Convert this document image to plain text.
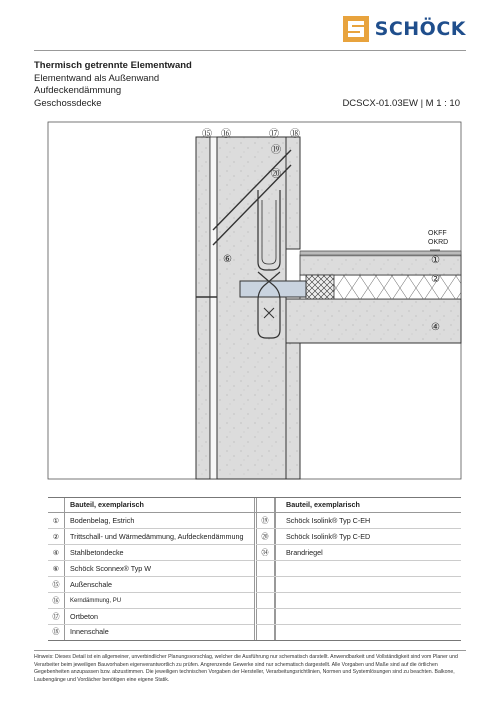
SCHÖCK
Thermisch getrennte Elementwand
Elementwand als Außenwand
Aufdeckendämmung
Geschossdecke	DCSCX-01.03EW | M 1 : 10
⑮ ⑯	⑰ ⑱
⑲
⑳
⑥
OKFF
OKRD
①
②
④
Bauteil, exemplarisch	Bauteil, exemplarisch
①	Bodenbelag, Estrich
②	Trittschall- und Wärmedämmung, Aufdeckendämmung
④	Stahlbetondecke
⑥	Schöck Sconnex® Typ W
⑮	Außenschale
⑯	Kerndämmung, PU
⑰	Ortbeton
⑱	Innenschale
⑲	Schöck Isolink® Typ C-EH
⑳	Schöck Isolink® Typ C-ED
㉞	Brandriegel
Hinweis: Dieses Detail ist ein allgemeiner, unverbindlicher Planungsvorschlag, welcher die Ausführung nur schematisch darstellt. Anwendbarkeit und Vollständigkeit sind vom Planer und Verarbeiter beim jeweiligen Bauvorhaben eigenverantwortlich zu prüfen. Angrenzende Gewerke sind nur schematisch dargestellt. Alle Vorgaben und Maße sind auf die örtlichen Gegebenheiten anzupassen bzw. abzustimmen. Die jeweiligen technischen Vorgaben der Hersteller, Verarbeitungsrichtlinien, Normen und Systemlösungen sind zu beachten. Balkone, Laubengänge und Vordächer benötigen eine eigene Statik.
